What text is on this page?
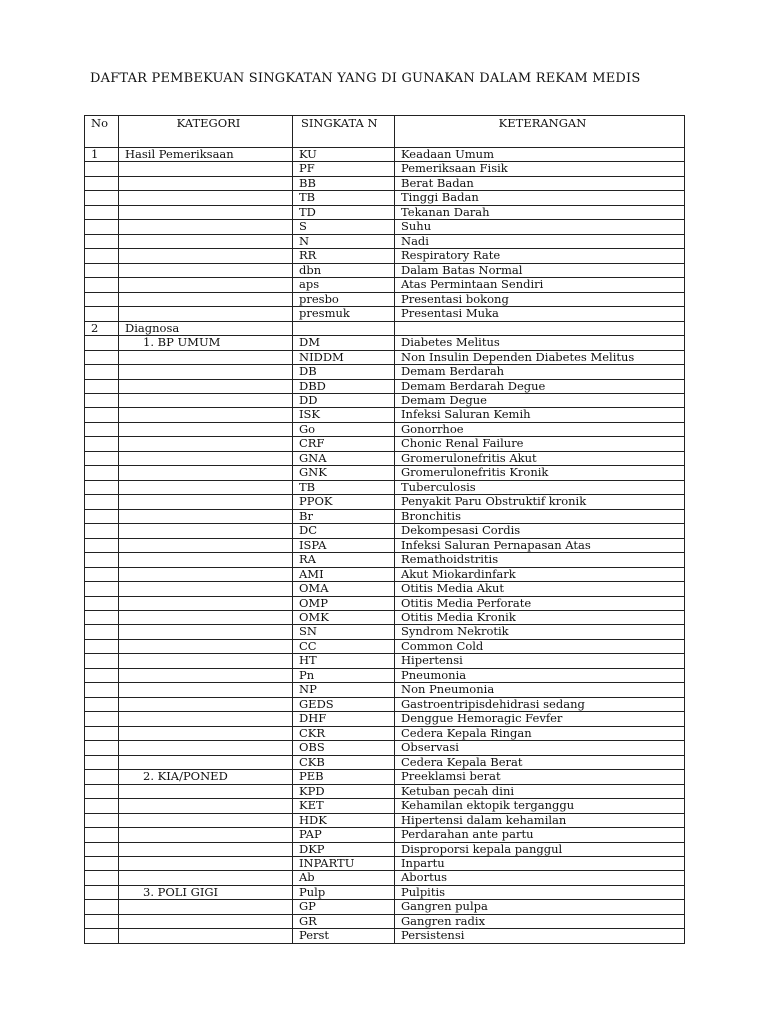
DAFTAR PEMBEKUAN SINGKATAN YANG DI GUNAKAN DALAM REKAM MEDIS
No	KATEGORI	SINGKATA N	KETERANGAN
1	Hasil Pemeriksaan	KU	Keadaan Umum
		PF	Pemeriksaan Fisik
		BB	Berat Badan
		TB	Tinggi Badan
		TD	Tekanan Darah
		S	Suhu
		N	Nadi
		RR	Respiratory Rate
		dbn	Dalam Batas Normal
		aps	Atas Permintaan Sendiri
		presbo	Presentasi bokong
		presmuk	Presentasi Muka
2	Diagnosa		
	1. BP UMUM	DM	Diabetes Melitus
		NIDDM	Non Insulin Dependen Diabetes Melitus
		DB	Demam Berdarah
		DBD	Demam Berdarah Degue
		DD	Demam Degue
		ISK	Infeksi Saluran Kemih
		Go	Gonorrhoe
		CRF	Chonic Renal Failure
		GNA	Gromerulonefritis Akut
		GNK	Gromerulonefritis Kronik
		TB	Tuberculosis
		PPOK	Penyakit Paru Obstruktif kronik
		Br	Bronchitis
		DC	Dekompesasi Cordis
		ISPA	Infeksi Saluran Pernapasan Atas
		RA	Remathoidstritis
		AMI	Akut Miokardinfark
		OMA	Otitis Media Akut
		OMP	Otitis Media Perforate
		OMK	Otitis Media Kronik
		SN	Syndrom Nekrotik
		CC	Common Cold
		HT	Hipertensi
		Pn	Pneumonia
		NP	Non Pneumonia
		GEDS	Gastroentripisdehidrasi sedang
		DHF	Denggue Hemoragic Fevfer
		CKR	Cedera Kepala Ringan
		OBS	Observasi
		CKB	Cedera Kepala Berat
	2. KIA/PONED	PEB	Preeklamsi berat
		KPD	Ketuban pecah dini
		KET	Kehamilan ektopik terganggu
		HDK	Hipertensi dalam kehamilan
		PAP	Perdarahan ante partu
		DKP	Disproporsi kepala panggul
		INPARTU	Inpartu
		Ab	Abortus
	3. POLI GIGI	Pulp	Pulpitis
		GP	Gangren pulpa
		GR	Gangren radix
		Perst	Persistensi
